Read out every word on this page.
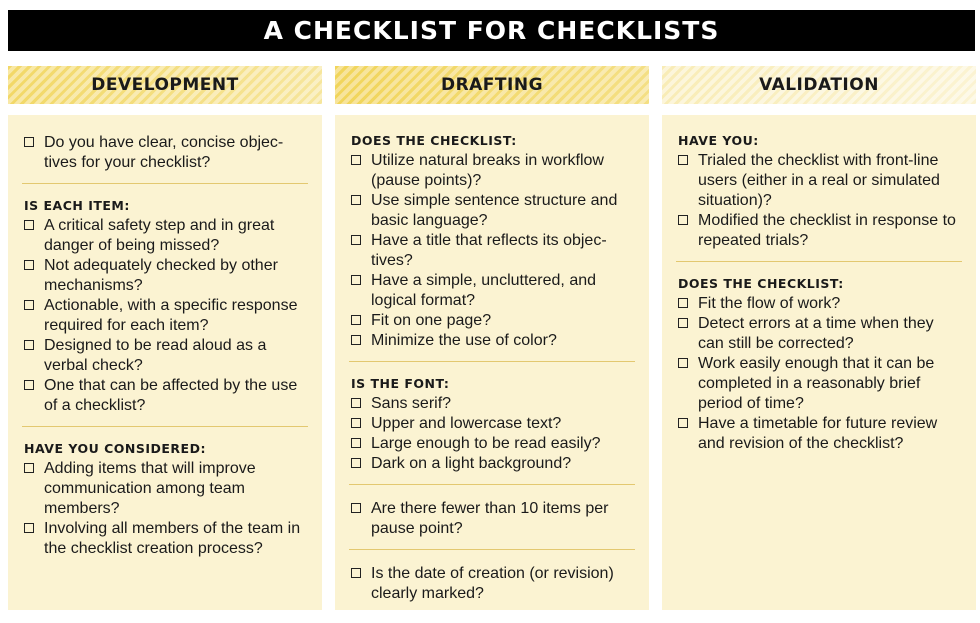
A CHECKLIST FOR CHECKLISTS
DEVELOPMENT
Do you have clear, concise objec-tives for your checklist?
IS EACH ITEM:
A critical safety step and in great danger of being missed?
Not adequately checked by other mechanisms?
Actionable, with a specific response required for each item?
Designed to be read aloud as a verbal check?
One that can be affected by the use of a checklist?
HAVE YOU CONSIDERED:
Adding items that will improve communication among team members?
Involving all members of the team in the checklist creation process?
DRAFTING
DOES THE CHECKLIST:
Utilize natural breaks in workflow (pause points)?
Use simple sentence structure and basic language?
Have a title that reflects its objec-tives?
Have a simple, uncluttered, and logical format?
Fit on one page?
Minimize the use of color?
IS THE FONT:
Sans serif?
Upper and lowercase text?
Large enough to be read easily?
Dark on a light background?
Are there fewer than 10 items per pause point?
Is the date of creation (or revision) clearly marked?
VALIDATION
HAVE YOU:
Trialed the checklist with front-line users (either in a real or simulated situation)?
Modified the checklist in response to repeated trials?
DOES THE CHECKLIST:
Fit the flow of work?
Detect errors at a time when they can still be corrected?
Work easily enough that it can be completed in a reasonably brief period of time?
Have a timetable for future review and revision of the checklist?
